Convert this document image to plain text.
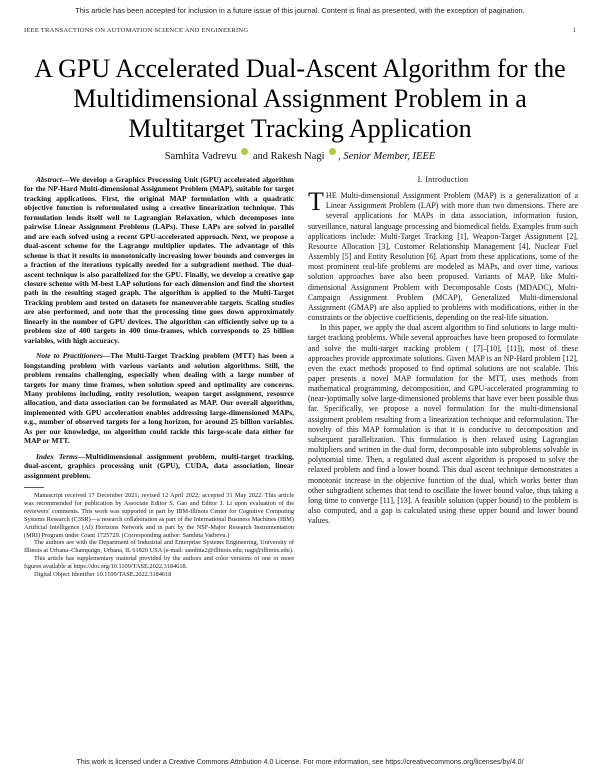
This article has been accepted for inclusion in a future issue of this journal. Content is final as presented, with the exception of pagination.
IEEE TRANSACTIONS ON AUTOMATION SCIENCE AND ENGINEERING	1
A GPU Accelerated Dual-Ascent Algorithm for the Multidimensional Assignment Problem in a Multitarget Tracking Application
Samhita Vadrevu and Rakesh Nagi , Senior Member, IEEE

Abstract—We develop a Graphics Processing Unit (GPU) accelerated algorithm for the NP-Hard Multi-dimensional Assignment Problem (MAP), suitable for target tracking applications. First, the original MAP formulation with a quadratic objective function is reformulated using a creative linearization technique. This formulation lends itself well to Lagrangian Relaxation, which decomposes into pairwise Linear Assignment Problems (LAPs). These LAPs are solved in parallel and are each solved using a recent GPU-accelerated approach. Next, we propose a dual-ascent scheme for the Lagrange multiplier updates. The advantage of this scheme is that it results in monotonically increasing lower bounds and converges in a fraction of the iterations typically needed for a subgradient method. The dual-ascent technique is also parallelized for the GPU. Finally, we develop a creative gap closure scheme with M-best LAP solutions for each dimension and find the shortest path in the resulting staged graph. The algorithm is applied to the Multi-Target Tracking problem and tested on datasets for maneuverable targets. Scaling studies are also performed, and note that the processing time goes down approximately linearly in the number of GPU devices. The algorithm can efficiently solve up to a problem size of 400 targets in 400 time-frames, which corresponds to 25 billion variables, with high accuracy.

Note to Practitioners—The Multi-Target Tracking problem (MTT) has been a longstanding problem with various variants and solution algorithms. Still, the problem remains challenging, especially when dealing with a large number of targets for many time frames, when solution speed and optimality are concerns. Many problems including, entity resolution, weapon target assignment, resource allocation, and data association can be formulated as MAP. Our overall algorithm, implemented with GPU acceleration enables addressing large-dimensioned MAPs, e.g., number of observed targets for a long horizon, for around 25 billion variables. As per our knowledge, no algorithm could tackle this large-scale data either for MAP or MTT.

Index Terms—Multidimensional assignment problem, multi-target tracking, dual-ascent, graphics processing unit (GPU), CUDA, data association, linear assignment problem.

Manuscript received 17 December 2021; revised 12 April 2022; accepted 31 May 2022. This article was recommended for publication by Associate Editor S. Gao and Editor J. Li upon evaluation of the reviewers' comments. This work was supported in part by IBM-Illinois Center for Cognitive Computing Systems Research (C3SR)—a research collaboration as part of the International Business Machines (IBM) Artificial Intelligence (AI) Horizons Network and in part by the NSF-Major Research Instrumentation (MRI) Program under Grant 1725729. (Corresponding author: Samhita Vadrevu.)

The authors are with the Department of Industrial and Enterprise Systems Engineering, University of Illinois at Urbana–Champaign, Urbana, IL 61820 USA (e-mail: samhita2@illinois.edu; nagi@illinois.edu).

This article has supplementary material provided by the authors and color versions of one or more figures available at https://doi.org/10.1109/TASE.2022.3184618.

Digital Object Identifier 10.1109/TASE.2022.3184618

I. Introduction

THE Multi-dimensional Assignment Problem (MAP) is a generalization of a Linear Assignment Problem (LAP) with more than two dimensions. There are several applications for MAPs in data association, information fusion, surveillance, natural language processing and biomedical fields. Examples from such applications include: Multi-Target Tracking [1], Weapon-Target Assignment [2], Resource Allocation [3], Customer Relationship Management [4], Nuclear Fuel Assembly [5] and Entity Resolution [6]. Apart from these applications, some of the most prominent real-life problems are modeled as MAPs, and over time, various solution approaches have also been proposed. Variants of MAP, like Multi-dimensional Assignment Problem with Decomposable Costs (MDADC), Multi-Campaign Assignment Problem (MCAP), Generalized Multi-dimensional Assignment (GMAP) are also applied to problems with modifications, either in the constraints or the objective coefficients, depending on the real-life situation.

In this paper, we apply the dual ascent algorithm to find solutions to large multi-target tracking problems. While several approaches have been proposed to formulate and solve the multi-target tracking problem ( [7]–[10], [11]), most of these approaches provide approximate solutions. Given MAP is an NP-Hard problem [12], even the exact methods proposed to find optimal solutions are not scalable. This paper presents a novel MAP formulation for the MTT, uses methods from mathematical programming, decomposition, and GPU-accelerated programming to (near-)optimally solve large-dimensioned problems that have ever been possible thus far. Specifically, we propose a novel formulation for the multi-dimensional assignment problem resulting from a linearization technique and reformulation. The novelty of this MAP formulation is that it is conducive to decomposition and subsequent parallelization. This formulation is then relaxed using Lagrangian multipliers and written in the dual form, decomposable into subproblems solvable in polynomial time. Then, a regulated dual ascent algorithm is proposed to solve the relaxed problem and find a lower bound. This dual ascent technique demonstrates a monotonic increase in the objective function of the dual, which works better than other subgradient schemes that tend to oscillate the lower bound value, thus taking a long time to converge [11], [13]. A feasible solution (upper bound) to the problem is also computed, and a gap is calculated using these upper bound and lower bound values.

This work is licensed under a Creative Commons Attribution 4.0 License. For more information, see https://creativecommons.org/licenses/by/4.0/
